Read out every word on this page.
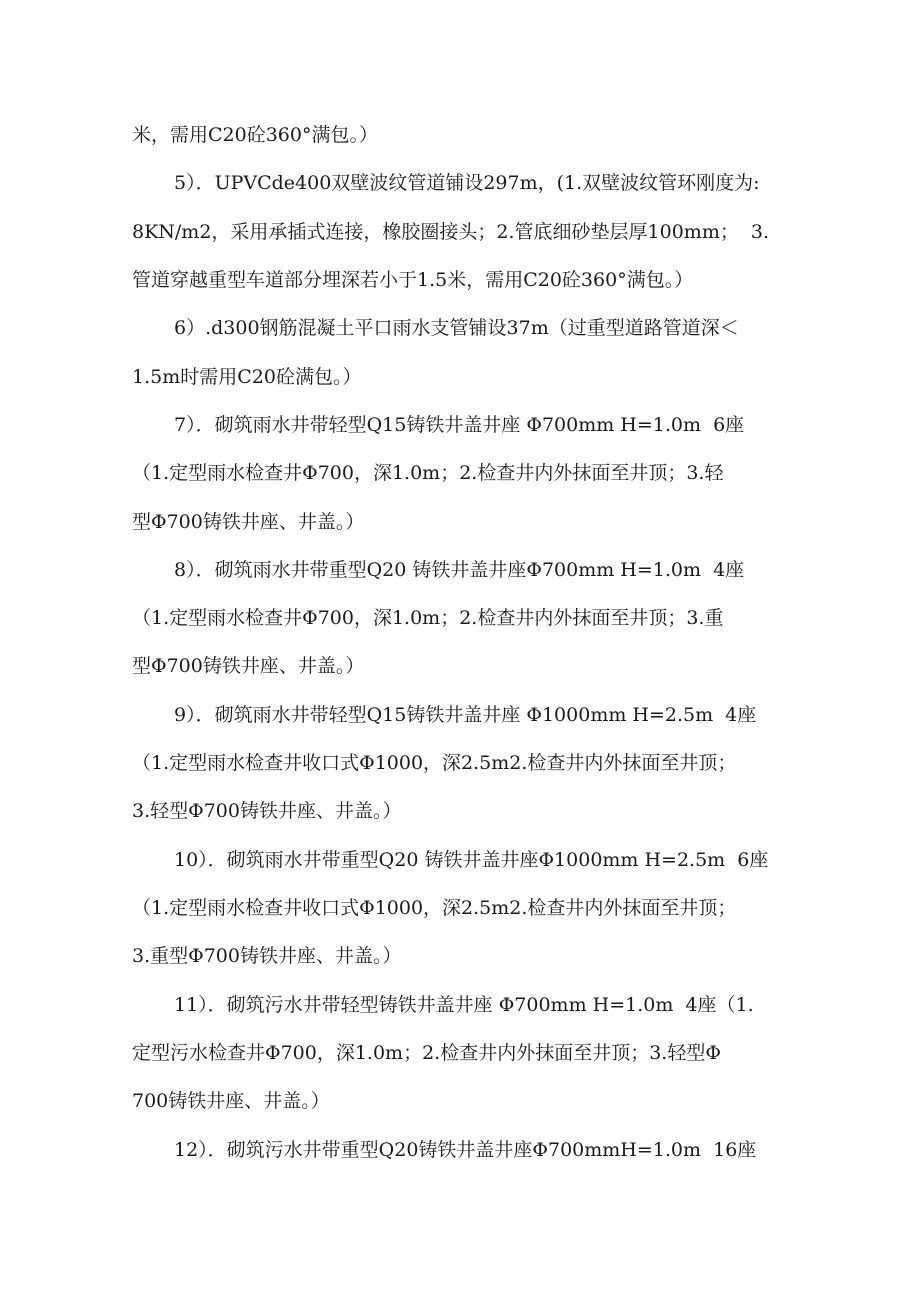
米，需用C20砼360°满包。）
5）．UPVCde400双壁波纹管道铺设297m，(1.双壁波纹管环刚度为:
8KN/m2，采用承插式连接，橡胶圈接头；2.管底细砂垫层厚100mm；  3.
管道穿越重型车道部分埋深若小于1.5米，需用C20砼360°满包。）
6）.d300钢筋混凝土平口雨水支管铺设37m（过重型道路管道深＜
1.5m时需用C20砼满包。）
7）．砌筑雨水井带轻型Q15铸铁井盖井座 Φ700mm H=1.0m  6座
（1.定型雨水检查井Φ700，深1.0m；2.检查井内外抹面至井顶；3.轻
型Φ700铸铁井座、井盖。）
8）．砌筑雨水井带重型Q20 铸铁井盖井座Φ700mm H=1.0m  4座
（1.定型雨水检查井Φ700，深1.0m；2.检查井内外抹面至井顶；3.重
型Φ700铸铁井座、井盖。）
9）．砌筑雨水井带轻型Q15铸铁井盖井座 Φ1000mm H=2.5m  4座
（1.定型雨水检查井收口式Φ1000，深2.5m2.检查井内外抹面至井顶；
3.轻型Φ700铸铁井座、井盖。）
10）．砌筑雨水井带重型Q20 铸铁井盖井座Φ1000mm H=2.5m  6座
（1.定型雨水检查井收口式Φ1000，深2.5m2.检查井内外抹面至井顶；
3.重型Φ700铸铁井座、井盖。）
11）．砌筑污水井带轻型铸铁井盖井座 Φ700mm H=1.0m  4座（1.
定型污水检查井Φ700，深1.0m；2.检查井内外抹面至井顶；3.轻型Φ
700铸铁井座、井盖。）
12）．砌筑污水井带重型Q20铸铁井盖井座Φ700mmH=1.0m  16座
